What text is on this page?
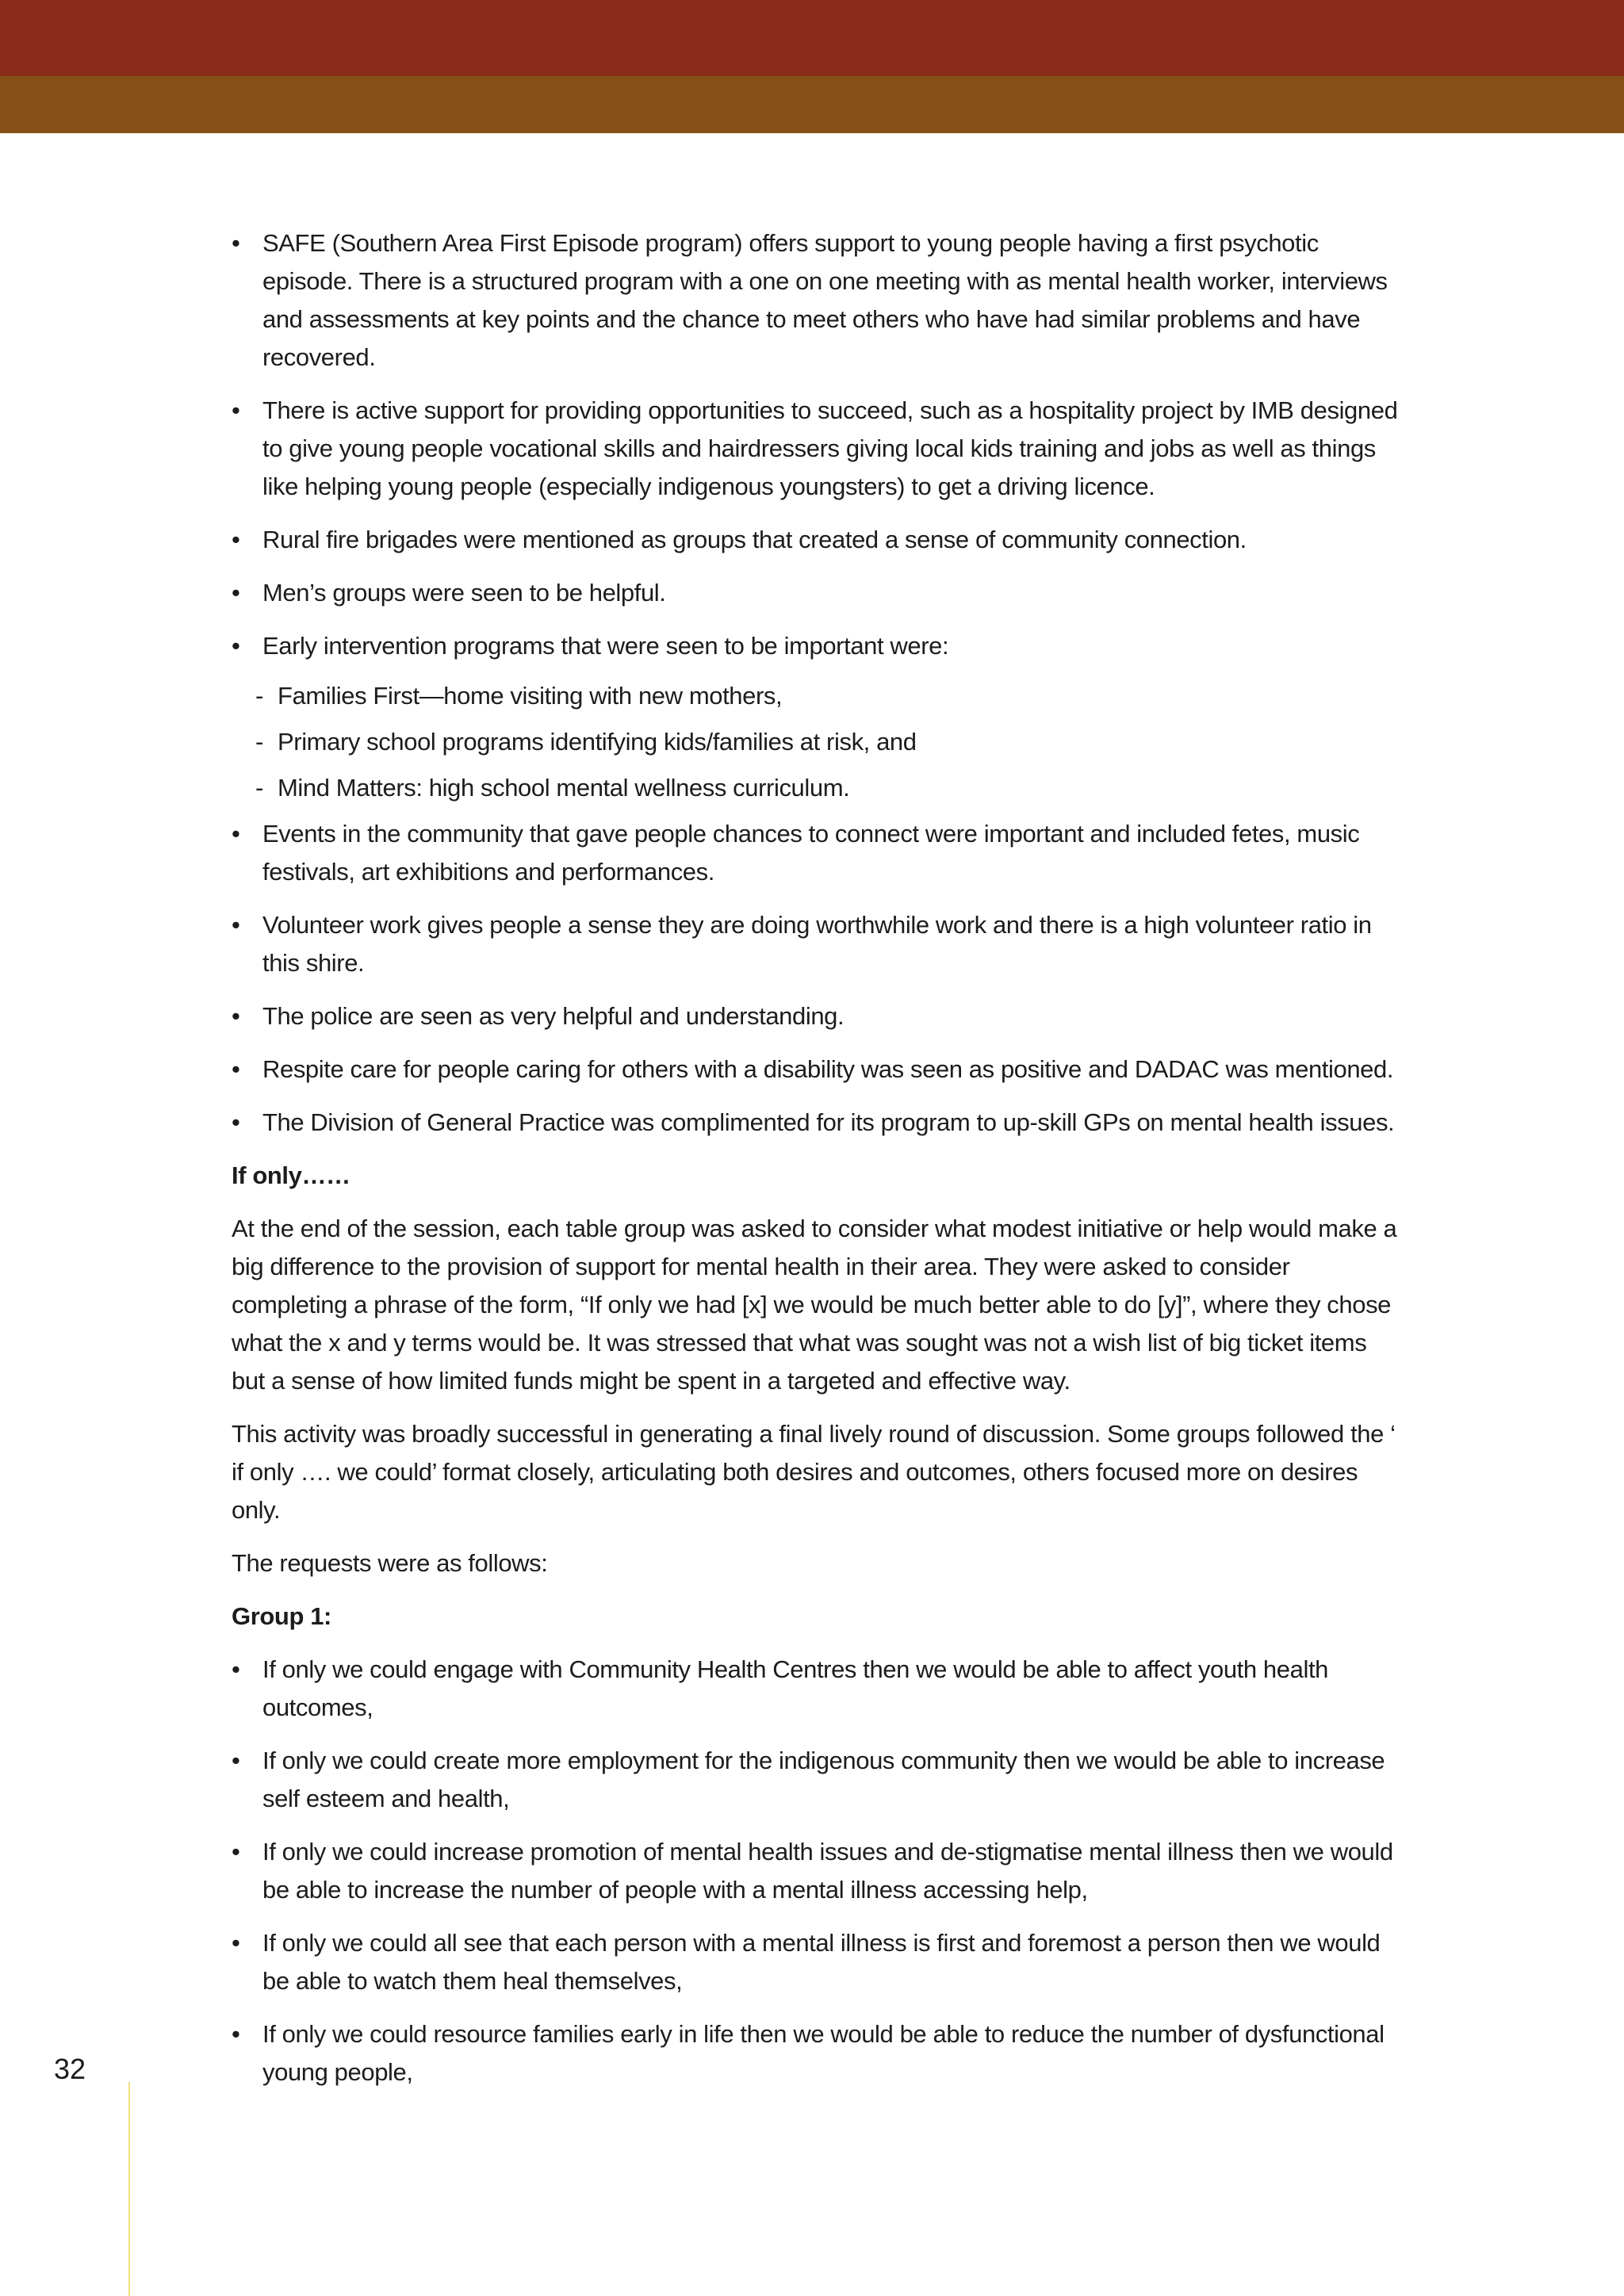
• SAFE (Southern Area First Episode program) offers support to young people having a first psychotic episode. There is a structured program with a one on one meeting with as mental health worker, interviews and assessments at key points and the chance to meet others who have had similar problems and have recovered.
• There is active support for providing opportunities to succeed, such as a hospitality project by IMB designed to give young people vocational skills and hairdressers giving local kids training and jobs as well as things like helping young people (especially indigenous youngsters) to get a driving licence.
• Rural fire brigades were mentioned as groups that created a sense of community connection.
• Men’s groups were seen to be helpful.
• Early intervention programs that were seen to be important were:
- Families First—home visiting with new mothers,
- Primary school programs identifying kids/families at risk, and
- Mind Matters: high school mental wellness curriculum.
• Events in the community that gave people chances to connect were important and included fetes, music festivals, art exhibitions and performances.
• Volunteer work gives people a sense they are doing worthwhile work and there is a high volunteer ratio in this shire.
• The police are seen as very helpful and understanding.
• Respite care for people caring for others with a disability was seen as positive and DADAC was mentioned.
• The Division of General Practice was complimented for its program to up-skill GPs on mental health issues.
If only……

At the end of the session, each table group was asked to consider what modest initiative or help would make a big difference to the provision of support for mental health in their area. They were asked to consider completing a phrase of the form, “If only we had [x] we would be much better able to do [y]”, where they chose what the x and y terms would be. It was stressed that what was sought was not a wish list of big ticket items but a sense of how limited funds might be spent in a targeted and effective way.

This activity was broadly successful in generating a final lively round of discussion. Some groups followed the ‘ if only …. we could’ format closely, articulating both desires and outcomes, others focused more on desires only.

The requests were as follows:

Group 1:
• If only we could engage with Community Health Centres then we would be able to affect youth health outcomes,
• If only we could create more employment for the indigenous community then we would be able to increase self esteem and health,
• If only we could increase promotion of mental health issues and de-stigmatise mental illness then we would be able to increase the number of people with a mental illness accessing help,
• If only we could all see that each person with a mental illness is first and foremost a person then we would be able to watch them heal themselves,
• If only we could resource families early in life then we would be able to reduce the number of dysfunctional young people,
32
